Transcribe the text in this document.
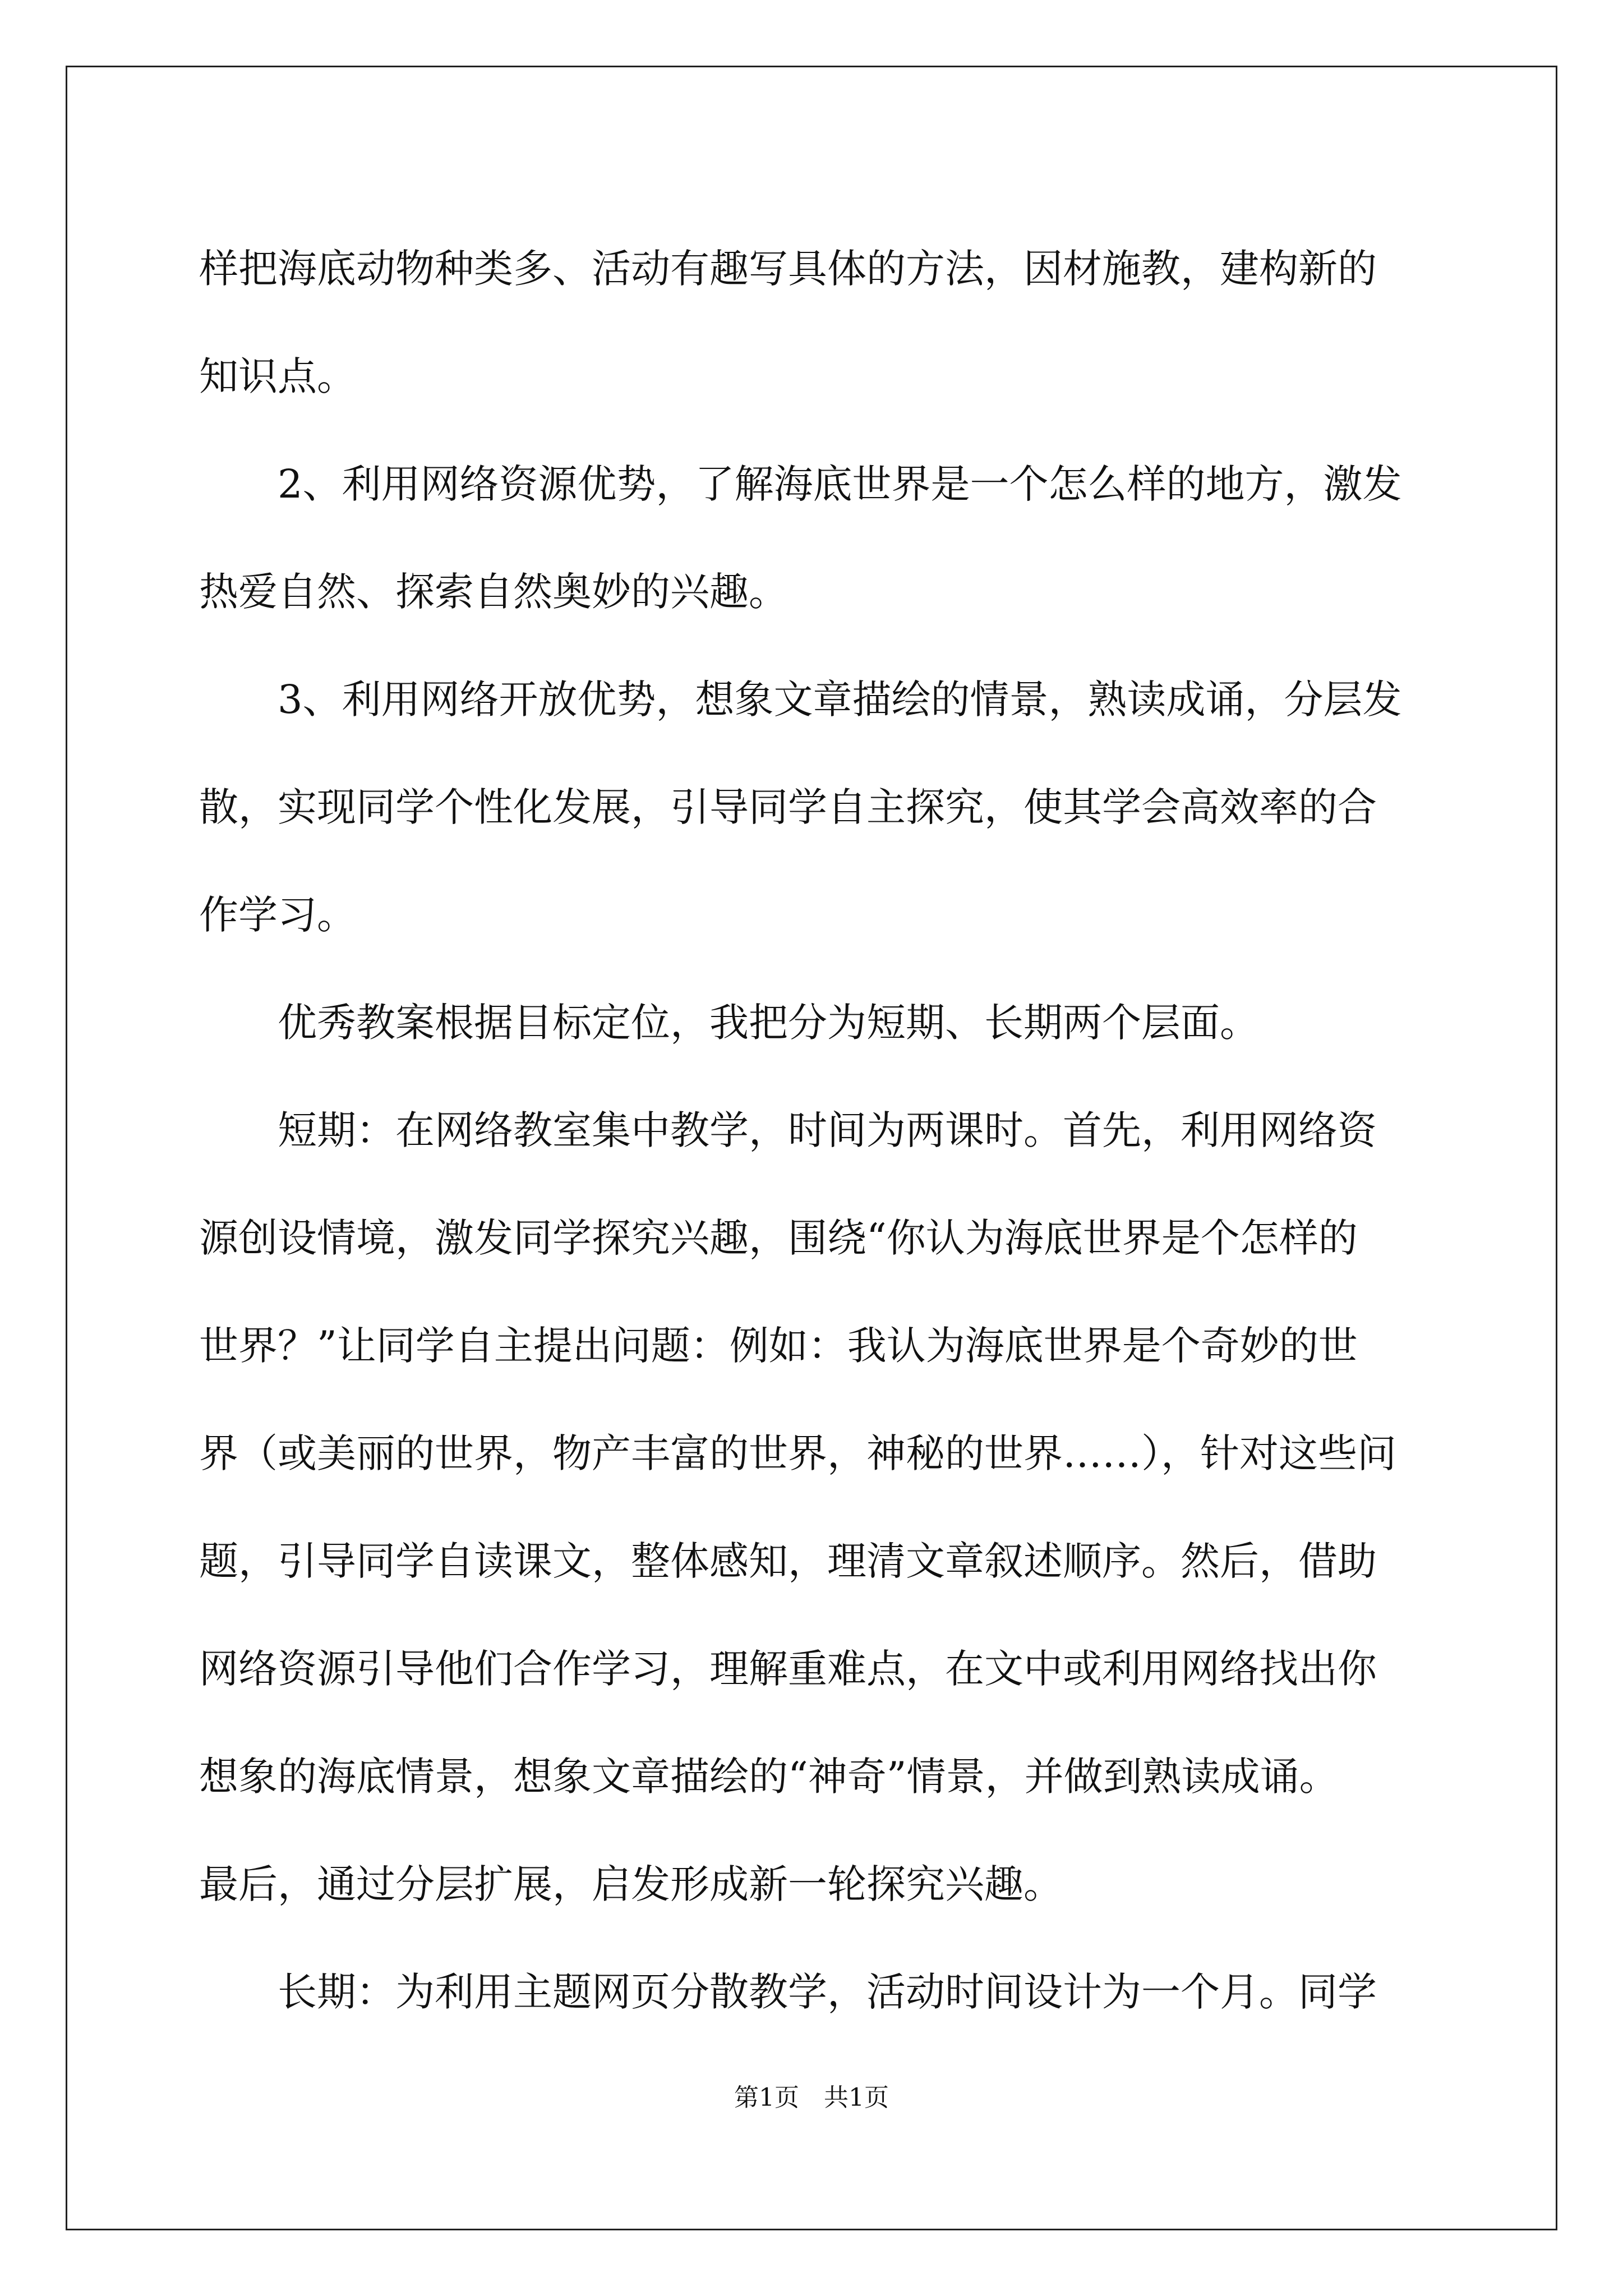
样把海底动物种类多、活动有趣写具体的方法，因材施教，建构新的
知识点。
2、利用网络资源优势，了解海底世界是一个怎么样的地方，激发
热爱自然、探索自然奥妙的兴趣。
3、利用网络开放优势，想象文章描绘的情景，熟读成诵，分层发
散，实现同学个性化发展，引导同学自主探究，使其学会高效率的合
作学习。
优秀教案根据目标定位，我把分为短期、长期两个层面。
短期：在网络教室集中教学，时间为两课时。首先，利用网络资
源创设情境，激发同学探究兴趣，围绕“你认为海底世界是个怎样的
世界？”让同学自主提出问题：例如：我认为海底世界是个奇妙的世
界（或美丽的世界，物产丰富的世界，神秘的世界……），针对这些问
题，引导同学自读课文，整体感知，理清文章叙述顺序。然后，借助
网络资源引导他们合作学习，理解重难点，在文中或利用网络找出你
想象的海底情景，想象文章描绘的“神奇”情景，并做到熟读成诵。
最后，通过分层扩展，启发形成新一轮探究兴趣。
长期：为利用主题网页分散教学，活动时间设计为一个月。同学
第1页　共1页
